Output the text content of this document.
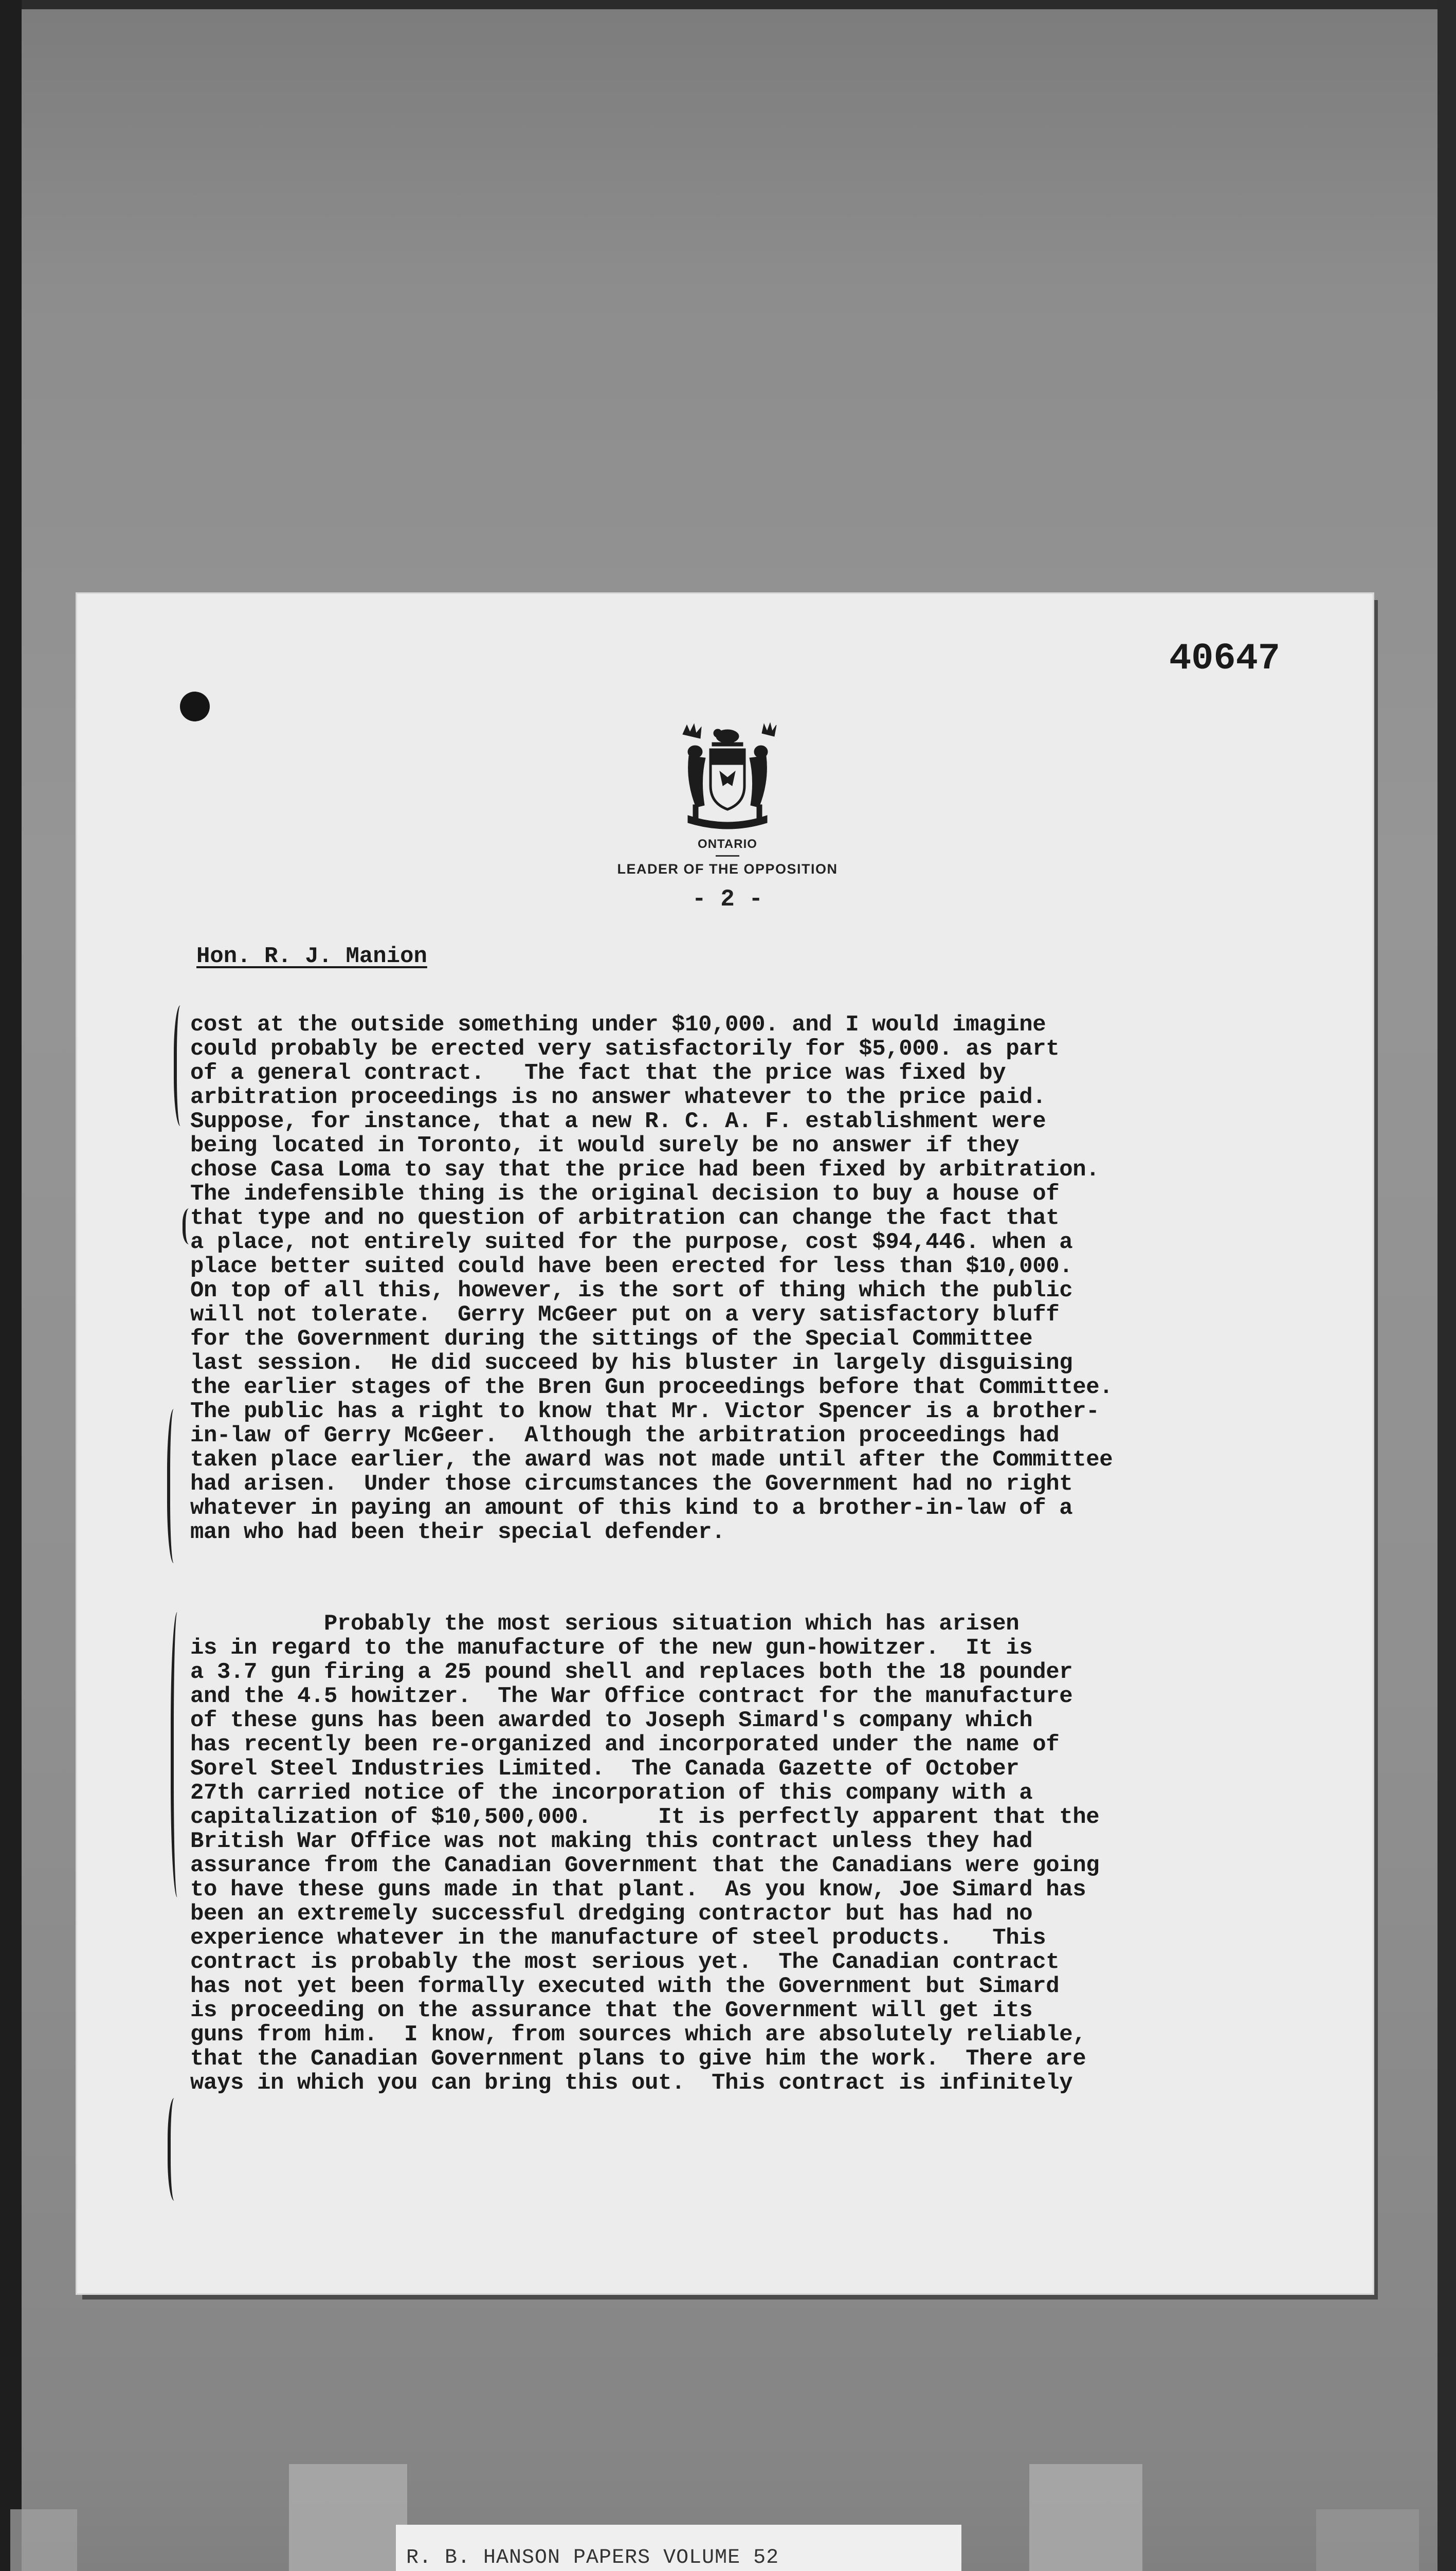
40647
ONTARIO
LEADER OF THE OPPOSITION
- 2 -
Hon. R. J. Manion
cost at the outside something under $10,000. and I would imagine
could probably be erected very satisfactorily for $5,000. as part
of a general contract.   The fact that the price was fixed by
arbitration proceedings is no answer whatever to the price paid.
Suppose, for instance, that a new R. C. A. F. establishment were
being located in Toronto, it would surely be no answer if they
chose Casa Loma to say that the price had been fixed by arbitration.
The indefensible thing is the original decision to buy a house of
that type and no question of arbitration can change the fact that
a place, not entirely suited for the purpose, cost $94,446. when a
place better suited could have been erected for less than $10,000.
On top of all this, however, is the sort of thing which the public
will not tolerate.  Gerry McGeer put on a very satisfactory bluff
for the Government during the sittings of the Special Committee
last session.  He did succeed by his bluster in largely disguising
the earlier stages of the Bren Gun proceedings before that Committee.
The public has a right to know that Mr. Victor Spencer is a brother-
in-law of Gerry McGeer.  Although the arbitration proceedings had
taken place earlier, the award was not made until after the Committee
had arisen.  Under those circumstances the Government had no right
whatever in paying an amount of this kind to a brother-in-law of a
man who had been their special defender.
Probably the most serious situation which has arisen
is in regard to the manufacture of the new gun-howitzer.  It is
a 3.7 gun firing a 25 pound shell and replaces both the 18 pounder
and the 4.5 howitzer.  The War Office contract for the manufacture
of these guns has been awarded to Joseph Simard's company which
has recently been re-organized and incorporated under the name of
Sorel Steel Industries Limited.  The Canada Gazette of October
27th carried notice of the incorporation of this company with a
capitalization of $10,500,000.     It is perfectly apparent that the
British War Office was not making this contract unless they had
assurance from the Canadian Government that the Canadians were going
to have these guns made in that plant.  As you know, Joe Simard has
been an extremely successful dredging contractor but has had no
experience whatever in the manufacture of steel products.   This
contract is probably the most serious yet.  The Canadian contract
has not yet been formally executed with the Government but Simard
is proceeding on the assurance that the Government will get its
guns from him.  I know, from sources which are absolutely reliable,
that the Canadian Government plans to give him the work.  There are
ways in which you can bring this out.  This contract is infinitely
R. B. HANSON PAPERS VOLUME 52
